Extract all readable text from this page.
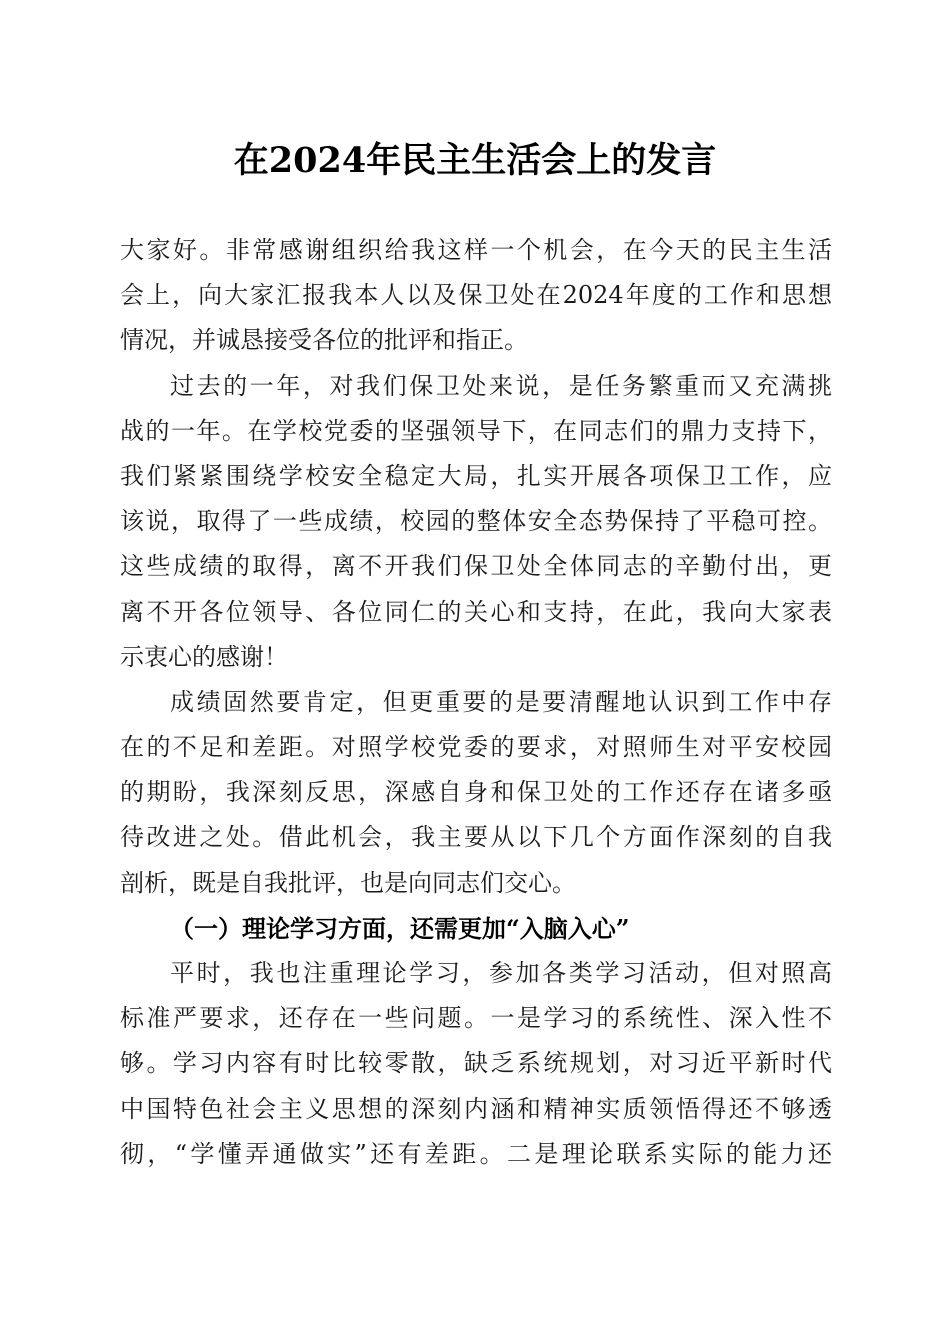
在2024年民主生活会上的发言
大家好。非常感谢组织给我这样一个机会，在今天的民主生活
会上，向大家汇报我本人以及保卫处在2024年度的工作和思想
情况，并诚恳接受各位的批评和指正。
过去的一年，对我们保卫处来说，是任务繁重而又充满挑
战的一年。在学校党委的坚强领导下，在同志们的鼎力支持下，
我们紧紧围绕学校安全稳定大局，扎实开展各项保卫工作，应
该说，取得了一些成绩，校园的整体安全态势保持了平稳可控。
这些成绩的取得，离不开我们保卫处全体同志的辛勤付出，更
离不开各位领导、各位同仁的关心和支持，在此，我向大家表
示衷心的感谢！
成绩固然要肯定，但更重要的是要清醒地认识到工作中存
在的不足和差距。对照学校党委的要求，对照师生对平安校园
的期盼，我深刻反思，深感自身和保卫处的工作还存在诸多亟
待改进之处。借此机会，我主要从以下几个方面作深刻的自我
剖析，既是自我批评，也是向同志们交心。
（一）理论学习方面，还需更加“入脑入心”
平时，我也注重理论学习，参加各类学习活动，但对照高
标准严要求，还存在一些问题。一是学习的系统性、深入性不
够。学习内容有时比较零散，缺乏系统规划，对习近平新时代
中国特色社会主义思想的深刻内涵和精神实质领悟得还不够透
彻，“学懂弄通做实”还有差距。二是理论联系实际的能力还
